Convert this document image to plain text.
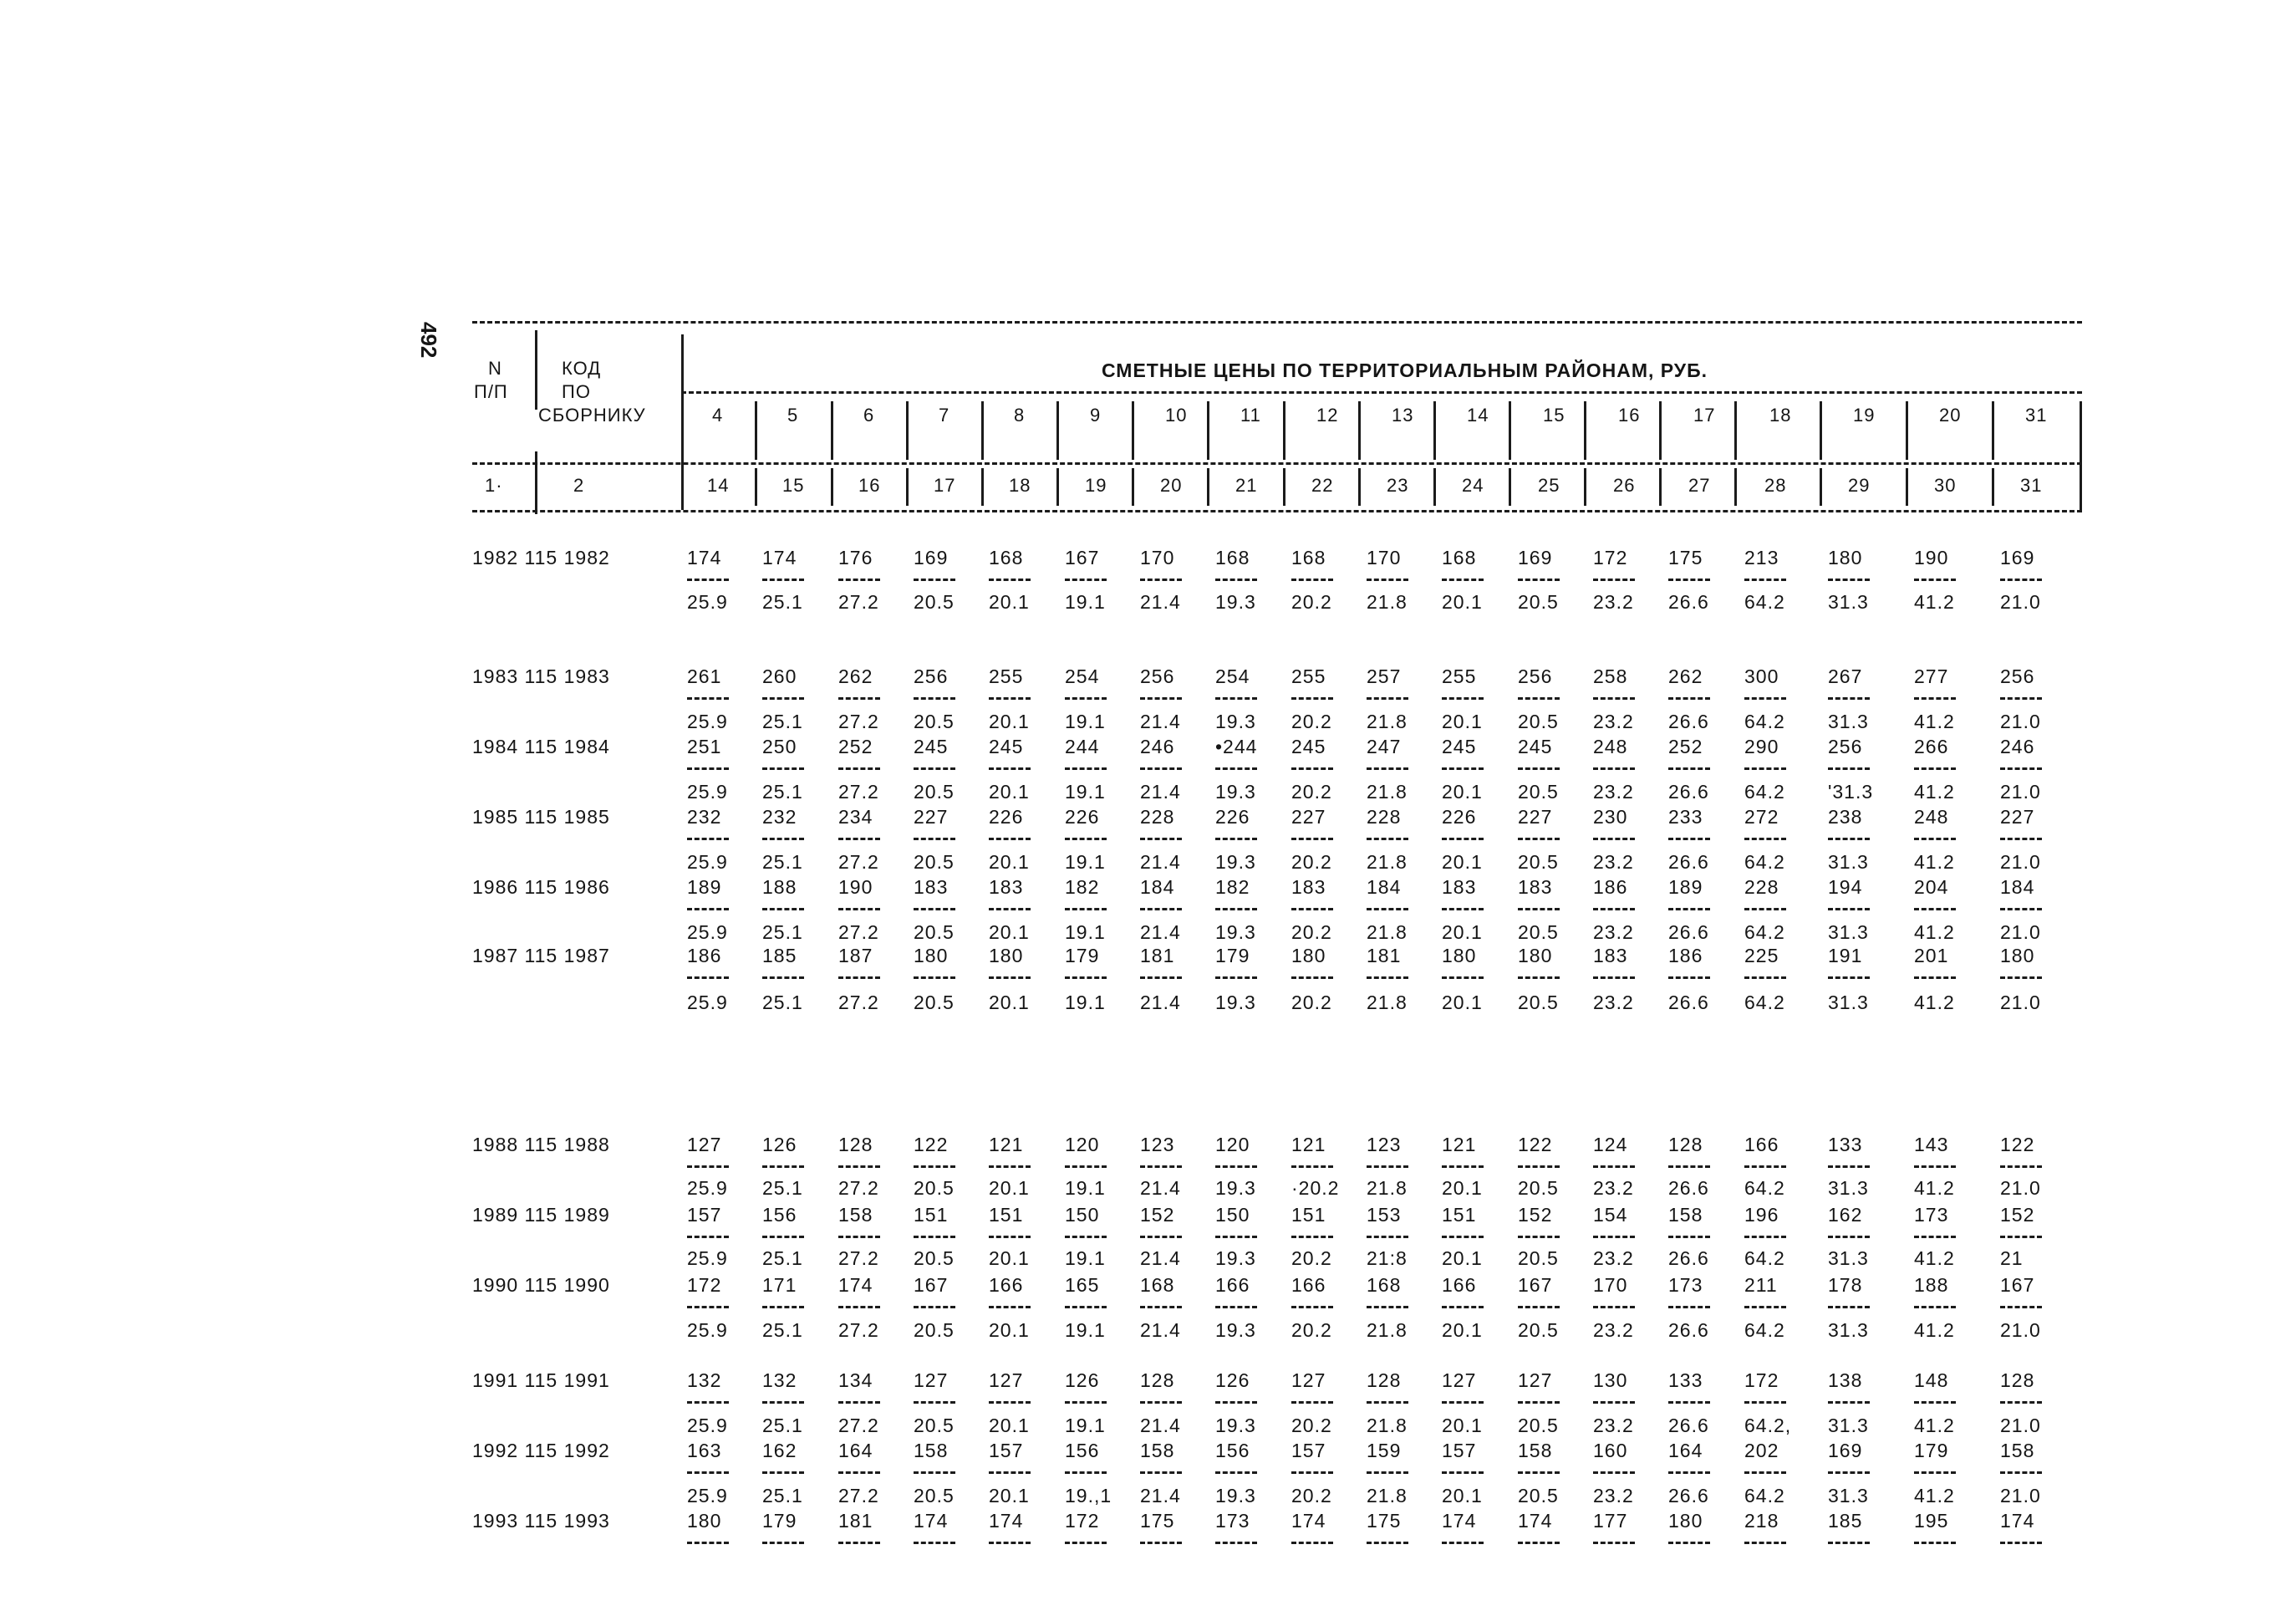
492
N
П/П
КОД
ПО
СБОРНИКУ
СМЕТНЫЕ ЦЕНЫ ПО ТЕРРИТОРИАЛЬНЫМ РАЙОНАМ, РУБ.
1·	2
4	5	6	7	8	9	10	11	12	13	14	15	16	17	18	19	20	31
14	15	16	17	18	19	20	21	22	23	24	25	26	27	28	29	30	31
1982 115 1982	174 174 176 169 168 167 170 168 168 170 168 169 172 175 213	180	190	169
25.9 25.1 27.2 20.5 20.1 19.1 21.4 19.3 20.2 21.8 20.1 20.5 23.2 26.6 64.2 31.3 41.2 21.0
1983 115 1983	261 260 262 256 255 254 256 254 255 257 255 256 258 262 300	267	277	256
25.9 25.1 27.2 20.5 20.1 19.1 21.4 19.3 20.2 21.8 20.1 20.5 23.2 26.6 64.2 31.3 41.2 21.0
1984 115 1984	251 250 252 245 245 244 246 •244 245 247 245 245 248 252 290	256	266	246
25.9 25.1 27.2 20.5 20.1 19.1 21.4 19.3 20.2 21.8 20.1 20.5 23.2 26.6 64.2 '31.3 41.2 21.0
1985 115 1985	232 232 234 227 226 226 228 226 227 228 226 227 230 233 272	238	248	227
25.9 25.1 27.2 20.5 20.1 19.1 21.4 19.3 20.2 21.8 20.1 20.5 23.2 26.6 64.2 31.3 41.2 21.0
1986 115 1986	189 188 190 183 183 182 184 182 183 184 183 183 186 189 228	194	204	184
25.9 25.1 27.2 20.5 20.1 19.1 21.4 19.3 20.2 21.8 20.1 20.5 23.2 26.6 64.2 31.3 41.2 21.0
1987 115 1987	186 185 187 180 180 179 181 179 180 181 180 180 183 186 225	191	201	180
25.9 25.1 27.2 20.5 20.1 19.1 21.4 19.3 20.2 21.8 20.1 20.5 23.2 26.6 64.2 31.3 41.2 21.0
1988 115 1988	127 126 128 122 121 120 123 120 121 123 121 122 124 128 166	133	143	122
25.9 25.1 27.2 20.5 20.1 19.1 21.4 19.3 ·20.2 21.8 20.1 20.5 23.2 26.6 64.2 31.3 41.2 21.0
1989 115 1989	157 156 158 151 151 150 152 150 151 153 151 152 154 158 196	162	173	152
25.9 25.1 27.2 20.5 20.1 19.1 21.4 19.3 20.2 21:8 20.1 20.5 23.2 26.6 64.2 31.3 41.2 21
1990 115 1990	172 171 174 167 166 165 168 166 166 168 166 167 170 173 211	178	188	167
25.9 25.1 27.2 20.5 20.1 19.1 21.4 19.3 20.2 21.8 20.1 20.5 23.2 26.6 64.2 31.3 41.2 21.0
1991 115 1991	132 132 134 127 127 126 128 126 127 128 127 127 130 133 172	138	148	128
25.9 25.1 27.2 20.5 20.1 19.1 21.4 19.3 20.2 21.8 20.1 20.5 23.2 26.6 64.2, 31.3 41.2 21.0
1992 115 1992	163 162 164 158 157 156 158 156 157 159 157 158 160 164 202	169	179	158
25.9 25.1 27.2 20.5 20.1 19.,1 21.4 19.3 20.2 21.8 20.1 20.5 23.2 26.6 64.2 31.3 41.2 21.0
1993 115 1993	180 179 181 174 174 172 175 173 174 175 174 174 177 180 218	185	195	174
